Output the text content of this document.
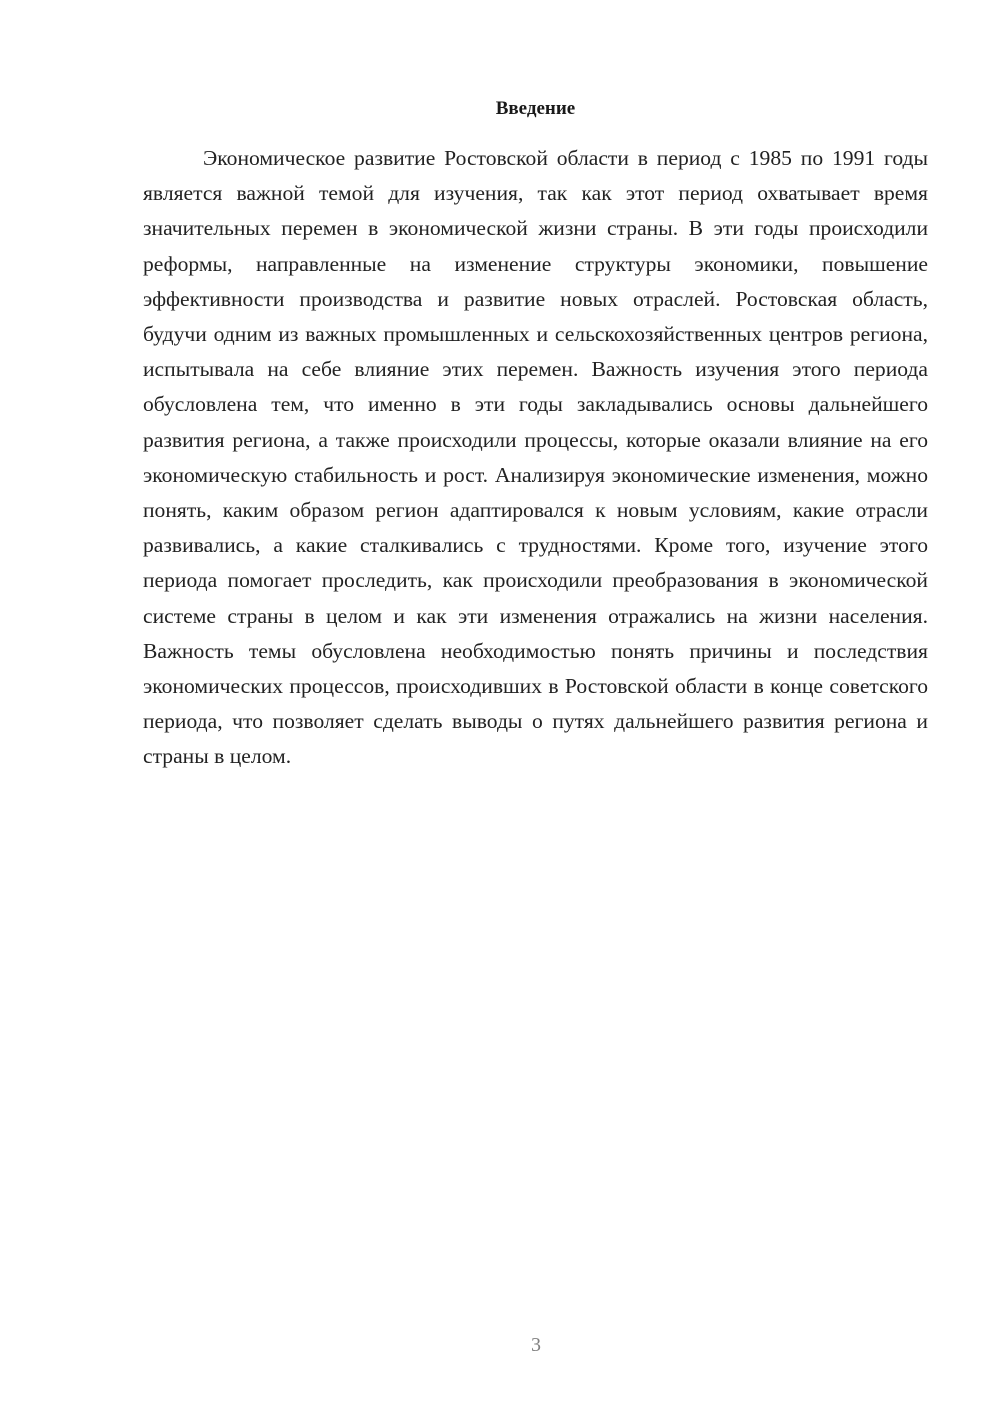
Введение

Экономическое развитие Ростовской области в период с 1985 по 1991 годы является важной темой для изучения, так как этот период охватывает время значительных перемен в экономической жизни страны. В эти годы происходили реформы, направленные на изменение структуры экономики, повышение эффективности производства и развитие новых отраслей. Ростовская область, будучи одним из важных промышленных и сельскохозяйственных центров региона, испытывала на себе влияние этих перемен. Важность изучения этого периода обусловлена тем, что именно в эти годы закладывались основы дальнейшего развития региона, а также происходили процессы, которые оказали влияние на его экономическую стабильность и рост. Анализируя экономические изменения, можно понять, каким образом регион адаптировался к новым условиям, какие отрасли развивались, а какие сталкивались с трудностями. Кроме того, изучение этого периода помогает проследить, как происходили преобразования в экономической системе страны в целом и как эти изменения отражались на жизни населения. Важность темы обусловлена необходимостью понять причины и последствия экономических процессов, происходивших в Ростовской области в конце советского периода, что позволяет сделать выводы о путях дальнейшего развития региона и страны в целом.

3
